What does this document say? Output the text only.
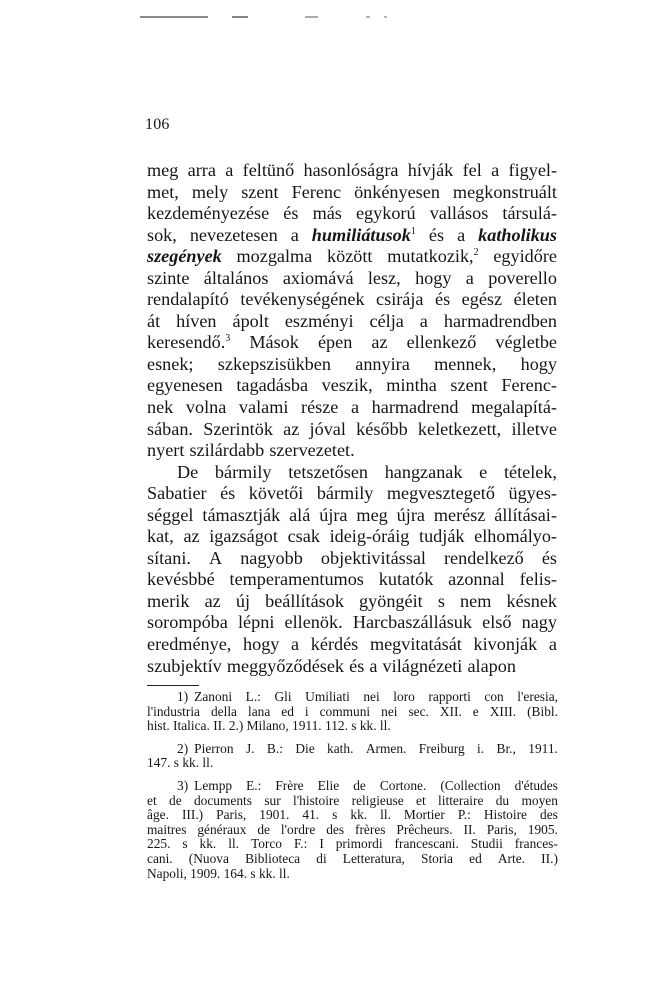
106
meg arra a feltünő hasonlóságra hívják fel a figyel-
met, mely szent Ferenc önkényesen megkonstruált
kezdeményezése és más egykorú vallásos társulá-
sok, nevezetesen a humiliátusok$^1$ és a katholikus
szegények mozgalma között mutatkozik,$^2$ egyidőre
szinte általános axiomává lesz, hogy a poverello
rendalapító tevékenységének csirája és egész életen
át híven ápolt eszményi célja a harmadrendben
keresendő.$^3$ Mások épen az ellenkező végletbe
esnek; szkepszisükben annyira mennek, hogy
egyenesen tagadásba veszik, mintha szent Ferenc-
nek volna valami része a harmadrend megalapítá-
sában. Szerintök az jóval később keletkezett, illetve
nyert szilárdabb szervezetet.
De bármily tetszetősen hangzanak e tételek,
Sabatier és követői bármily megvesztegető ügyes-
séggel támasztják alá újra meg újra merész állításai-
kat, az igazságot csak ideig-óráig tudják elhomályo-
sítani. A nagyobb objektivitással rendelkező és
kevésbbé temperamentumos kutatók azonnal felis-
merik az új beállítások gyöngéit s nem késnek
sorompóba lépni ellenök. Harcbaszállásuk első nagy
eredménye, hogy a kérdés megvitatását kivonják a
szubjektív meggyőződések és a világnézeti alapon
1) Zanoni L.: Gli Umiliati nei loro rapporti con l'eresia,
l'industria della lana ed i communi nei sec. XII. e XIII. (Bibl.
hist. Italica. II. 2.) Milano, 1911. 112. s kk. ll.
2) Pierron J. B.: Die kath. Armen. Freiburg i. Br., 1911.
147. s kk. ll.
3) Lempp E.: Frère Elie de Cortone. (Collection d'études
et de documents sur l'histoire religieuse et litteraire du moyen
âge. III.) Paris, 1901. 41. s kk. ll. Mortier P.: Histoire des
maitres généraux de l'ordre des frères Prêcheurs. II. Paris, 1905.
225. s kk. ll. Torco F.: I primordi francescani. Studii frances-
cani. (Nuova Biblioteca di Letteratura, Storia ed Arte. II.)
Napoli, 1909. 164. s kk. ll.
